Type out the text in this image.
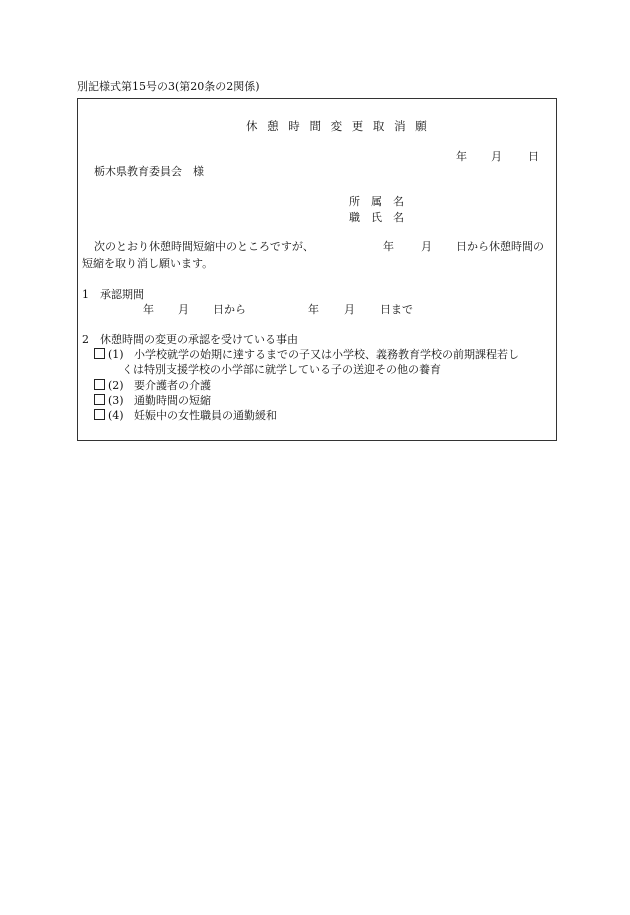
別記様式第15号の3(第20条の2関係)
休 憩 時 間 変 更 取 消 願
年 月 日
栃木県教育委員会　様
所　属　名
職　氏　名
次のとおり休憩時間短縮中のところですが、	年 月 日から休憩時間の
短縮を取り消し願います。
1　承認期間
年 月 日から	年 月 日まで
2　休憩時間の変更の承認を受けている事由
(1) 小学校就学の始期に達するまでの子又は小学校、義務教育学校の前期課程若し
くは特別支援学校の小学部に就学している子の送迎その他の養育
(2) 要介護者の介護
(3) 通勤時間の短縮
(4) 妊娠中の女性職員の通勤緩和
